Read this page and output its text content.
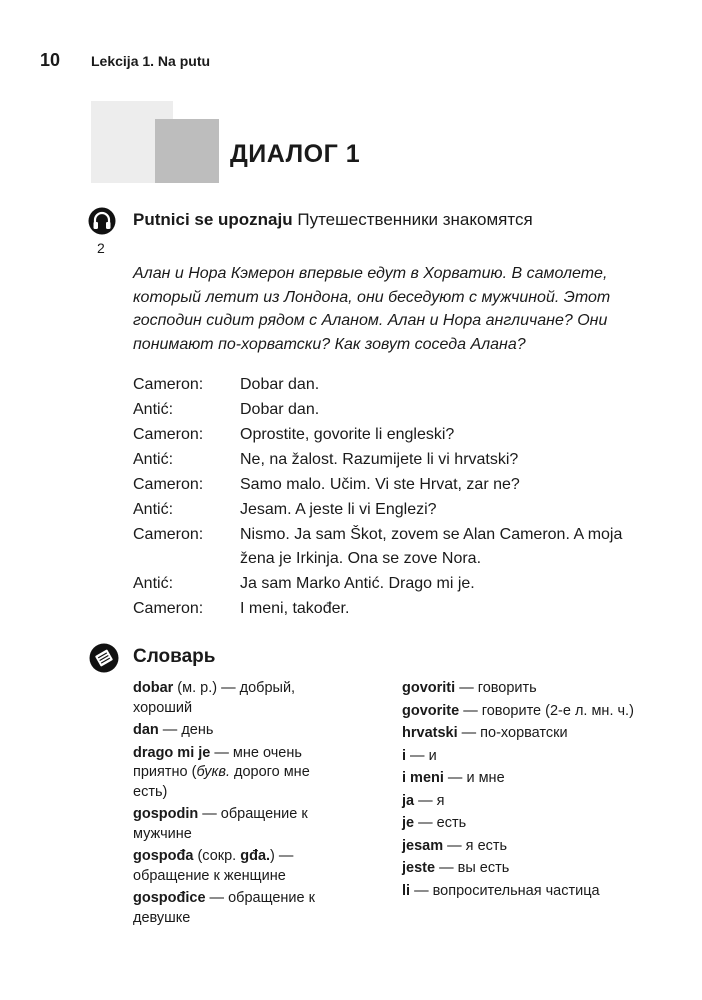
10 Lekcija 1. Na putu
ДИАЛОГ 1
2
Putnici se upoznaju Путешественники знакомятся
Алан и Нора Кэмерон впервые едут в Хорватию. В самолете, который летит из Лондона, они беседуют с мужчиной. Этот господин сидит рядом с Аланом. Алан и Нора англичане? Они понимают по-хорватски? Как зовут соседа Алана?
Cameron:	Dobar dan.
Antić:	Dobar dan.
Cameron:	Oprostite, govorite li engleski?
Antić:	Ne, na žalost. Razumijete li vi hrvatski?
Cameron:	Samo malo. Učim. Vi ste Hrvat, zar ne?
Antić:	Jesam. A jeste li vi Englezi?
Cameron:	Nismo. Ja sam Škot, zovem se Alan Cameron. A moja žena je Irkinja. Ona se zove Nora.
Antić:	Ja sam Marko Antić. Drago mi je.
Cameron:	I meni, također.
Словарь
dobar (м. р.) — добрый, хороший
dan — день
drago mi je — мне очень приятно (букв. дорого мне есть)
gospodin — обращение к мужчине
gospođa (сокр. gđa.) — обращение к женщине
gospođice — обращение к девушке
govoriti — говорить
govorite — говорите (2-е л. мн. ч.)
hrvatski — по-хорватски
i — и
i meni — и мне
ja — я
je — есть
jesam — я есть
jeste — вы есть
li — вопросительная частица
